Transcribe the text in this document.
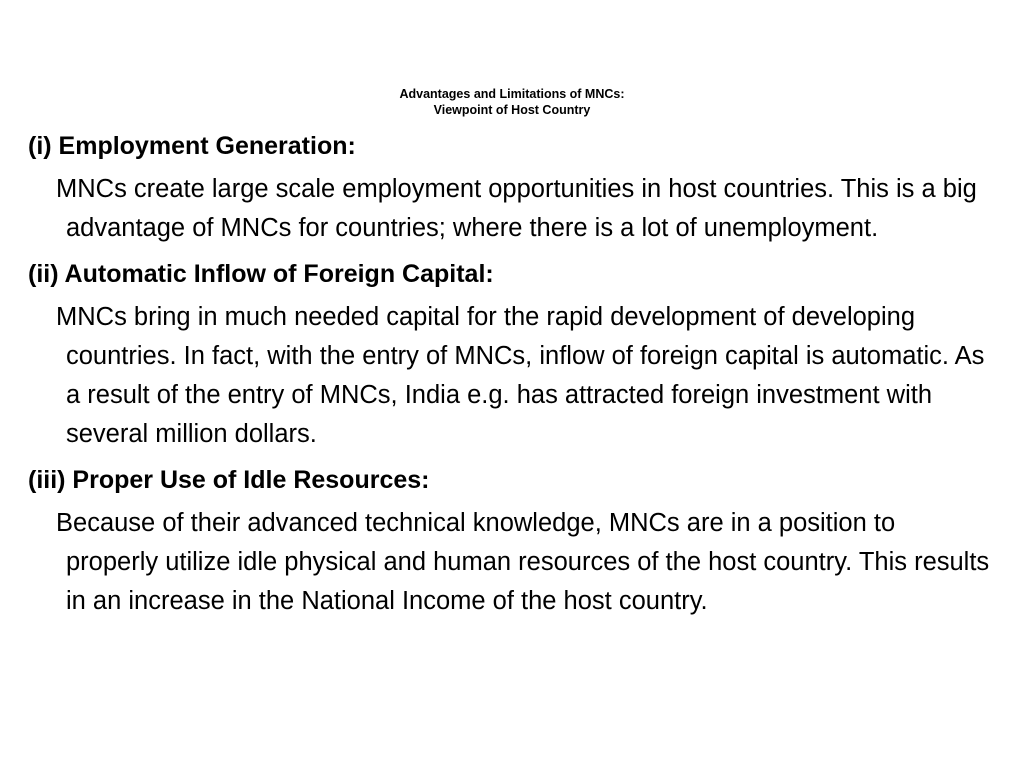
Advantages and Limitations of MNCs:
Viewpoint of Host Country
(i) Employment Generation:
MNCs create large scale employment opportunities in host countries. This is a big advantage of MNCs for countries; where there is a lot of unemployment.
(ii) Automatic Inflow of Foreign Capital:
MNCs bring in much needed capital for the rapid development of developing countries. In fact, with the entry of MNCs, inflow of foreign capital is automatic. As a result of the entry of MNCs, India e.g. has attracted foreign investment with several million dollars.
(iii) Proper Use of Idle Resources:
Because of their advanced technical knowledge, MNCs are in a position to properly utilize idle physical and human resources of the host country. This results in an increase in the National Income of the host country.
